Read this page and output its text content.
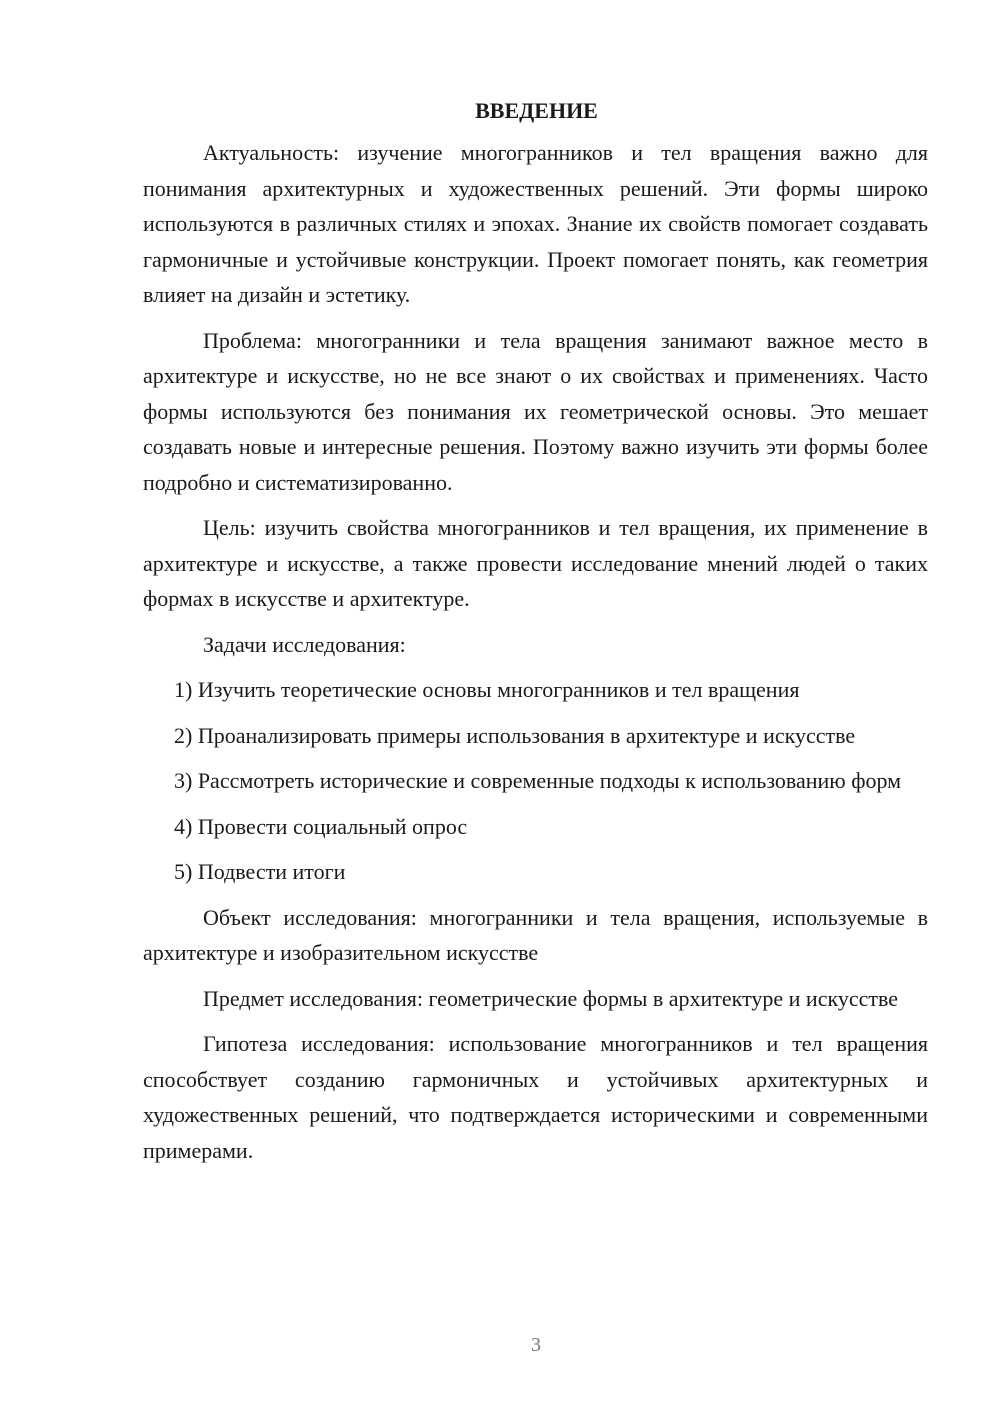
ВВЕДЕНИЕ

Актуальность: изучение многогранников и тел вращения важно для понимания архитектурных и художественных решений. Эти формы широко используются в различных стилях и эпохах. Знание их свойств помогает создавать гармоничные и устойчивые конструкции. Проект помогает понять, как геометрия влияет на дизайн и эстетику.

Проблема: многогранники и тела вращения занимают важное место в архитектуре и искусстве, но не все знают о их свойствах и применениях. Часто формы используются без понимания их геометрической основы. Это мешает создавать новые и интересные решения. Поэтому важно изучить эти формы более подробно и систематизированно.

Цель: изучить свойства многогранников и тел вращения, их применение в архитектуре и искусстве, а также провести исследование мнений людей о таких формах в искусстве и архитектуре.

Задачи исследования:

1) Изучить теоретические основы многогранников и тел вращения

2) Проанализировать примеры использования в архитектуре и искусстве

3) Рассмотреть исторические и современные подходы к использованию форм

4) Провести социальный опрос

5) Подвести итоги

Объект исследования: многогранники и тела вращения, используемые в архитектуре и изобразительном искусстве

Предмет исследования: геометрические формы в архитектуре и искусстве

Гипотеза исследования: использование многогранников и тел вращения способствует созданию гармоничных и устойчивых архитектурных и художественных решений, что подтверждается историческими и современными примерами.

3
